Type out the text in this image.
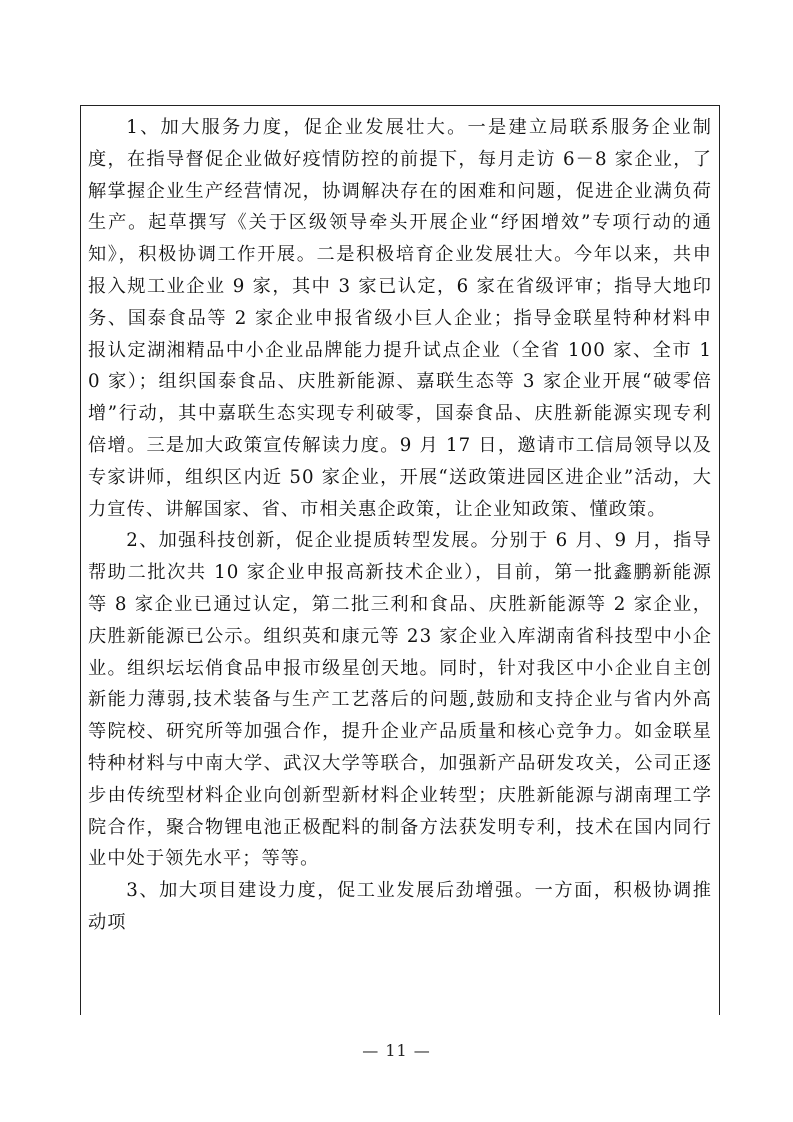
1、加大服务力度，促企业发展壮大。一是建立局联系服务企业制度，在指导督促企业做好疫情防控的前提下，每月走访 6－8 家企业，了解掌握企业生产经营情况，协调解决存在的困难和问题，促进企业满负荷生产。起草撰写《关于区级领导牵头开展企业“纾困增效”专项行动的通知》，积极协调工作开展。二是积极培育企业发展壮大。今年以来，共申报入规工业企业 9 家，其中 3 家已认定，6 家在省级评审；指导大地印务、国泰食品等 2 家企业申报省级小巨人企业；指导金联星特种材料申报认定湖湘精品中小企业品牌能力提升试点企业（全省 100 家、全市 10 家）；组织国泰食品、庆胜新能源、嘉联生态等 3 家企业开展“破零倍增”行动，其中嘉联生态实现专利破零，国泰食品、庆胜新能源实现专利倍增。三是加大政策宣传解读力度。9 月 17 日，邀请市工信局领导以及专家讲师，组织区内近 50 家企业，开展“送政策进园区进企业”活动，大力宣传、讲解国家、省、市相关惠企政策，让企业知政策、懂政策。

2、加强科技创新，促企业提质转型发展。分别于 6 月、9 月，指导帮助二批次共 10 家企业申报高新技术企业），目前，第一批鑫鹏新能源等 8 家企业已通过认定，第二批三利和食品、庆胜新能源等 2 家企业，庆胜新能源已公示。组织英和康元等 23 家企业入库湖南省科技型中小企业。组织坛坛俏食品申报市级星创天地。同时，针对我区中小企业自主创新能力薄弱,技术装备与生产工艺落后的问题,鼓励和支持企业与省内外高等院校、研究所等加强合作，提升企业产品质量和核心竞争力。如金联星特种材料与中南大学、武汉大学等联合，加强新产品研发攻关，公司正逐步由传统型材料企业向创新型新材料企业转型；庆胜新能源与湖南理工学院合作，聚合物锂电池正极配料的制备方法获发明专利，技术在国内同行业中处于领先水平；等等。

3、加大项目建设力度，促工业发展后劲增强。一方面，积极协调推动项

— 11 —
